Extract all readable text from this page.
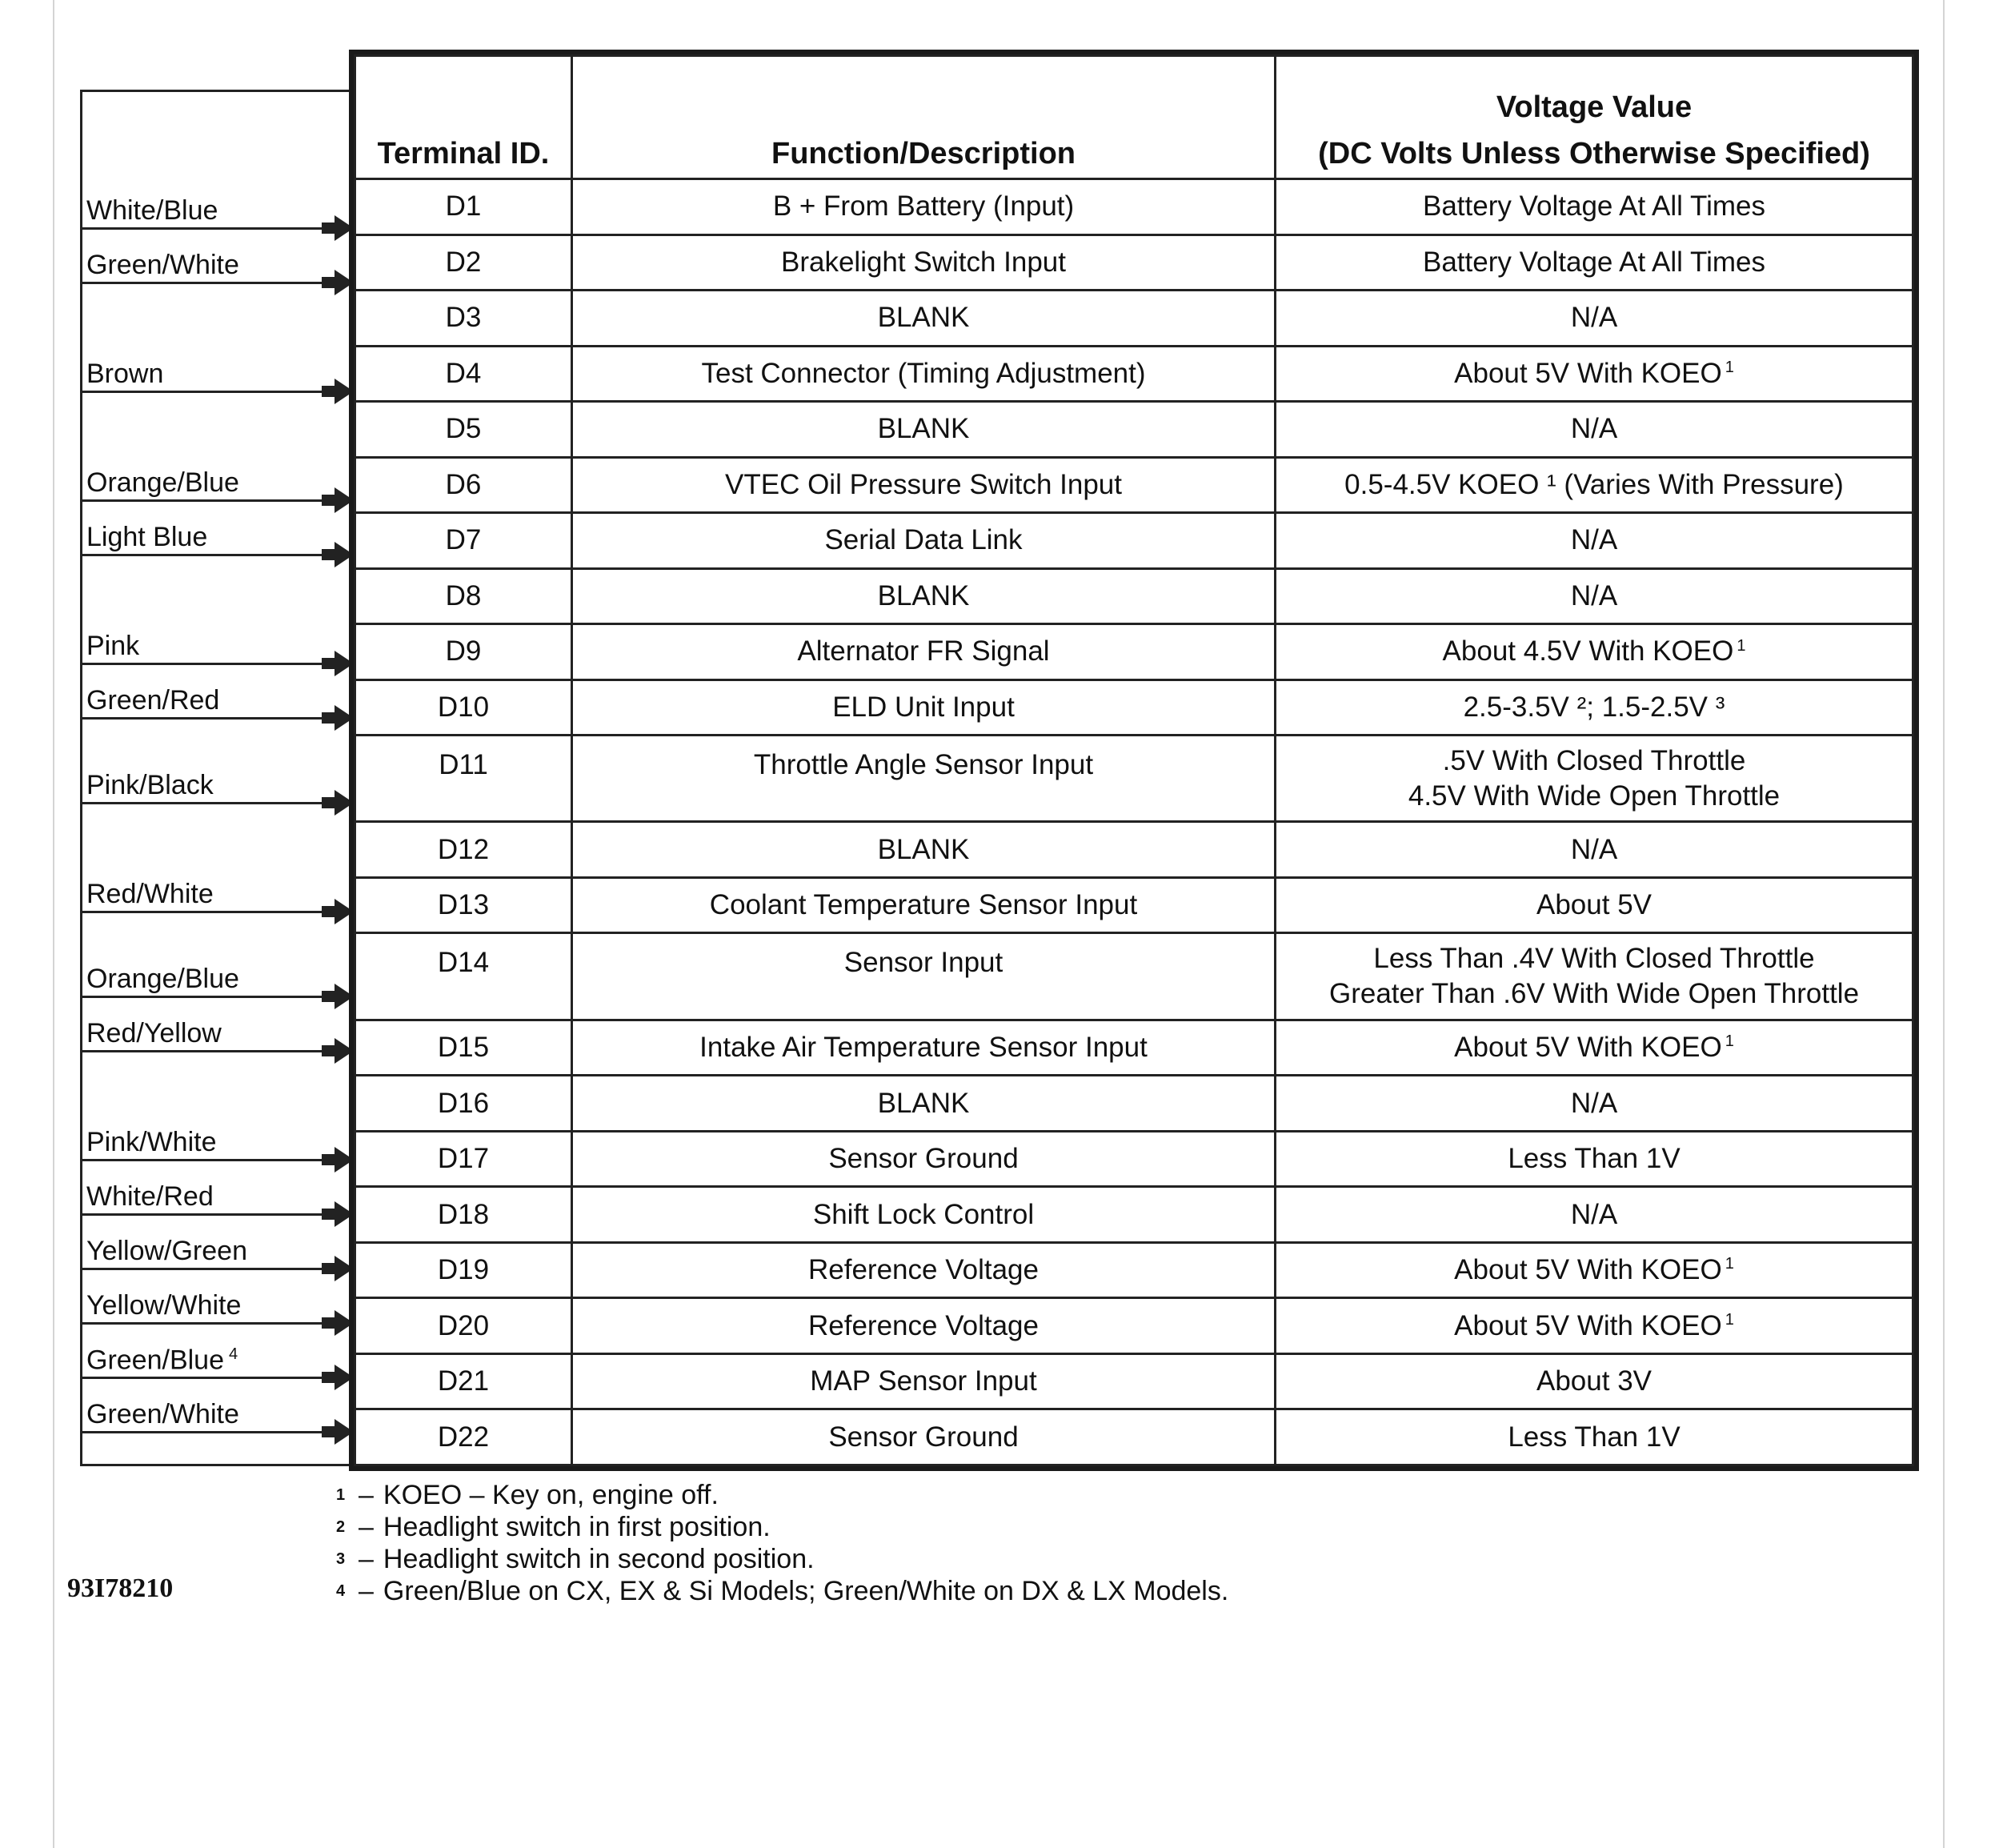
White/Blue
Green/White
Brown
Orange/Blue
Light Blue
Pink
Green/Red
Pink/Black
Red/White
Orange/Blue
Red/Yellow
Pink/White
White/Red
Yellow/Green
Yellow/White
Green/Blue $^4$
Green/White
Terminal ID.	Function/Description	Voltage Value
(DC Volts Unless Otherwise Specified)

D1	B + From Battery (Input)	Battery Voltage At All Times

D2	Brakelight Switch Input	Battery Voltage At All Times

D3	BLANK	N/A

D4	Test Connector (Timing Adjustment)	About 5V With KOEO $^1$

D5	BLANK	N/A

D6	VTEC Oil Pressure Switch Input	0.5-4.5V KOEO ¹ (Varies With Pressure)

D7	Serial Data Link	N/A

D8	BLANK	N/A

D9	Alternator FR Signal	About 4.5V With KOEO $^1$

D10	ELD Unit Input	2.5-3.5V ²; 1.5-2.5V ³

D11	Throttle Angle Sensor Input	.5V With Closed Throttle
4.5V With Wide Open Throttle

D12	BLANK	N/A

D13	Coolant Temperature Sensor Input	About 5V

D14	Sensor Input	Less Than .4V With Closed Throttle
Greater Than .6V With Wide Open Throttle

D15	Intake Air Temperature Sensor Input	About 5V With KOEO $^1$

D16	BLANK	N/A

D17	Sensor Ground	Less Than 1V

D18	Shift Lock Control	N/A

D19	Reference Voltage	About 5V With KOEO $^1$

D20	Reference Voltage	About 5V With KOEO $^1$

D21	MAP Sensor Input	About 3V

D22	Sensor Ground	Less Than 1V
1 – KOEO – Key on, engine off.
2 – Headlight switch in first position.
3 – Headlight switch in second position.
4 – Green/Blue on CX, EX & Si Models; Green/White on DX & LX Models.
93I78210
